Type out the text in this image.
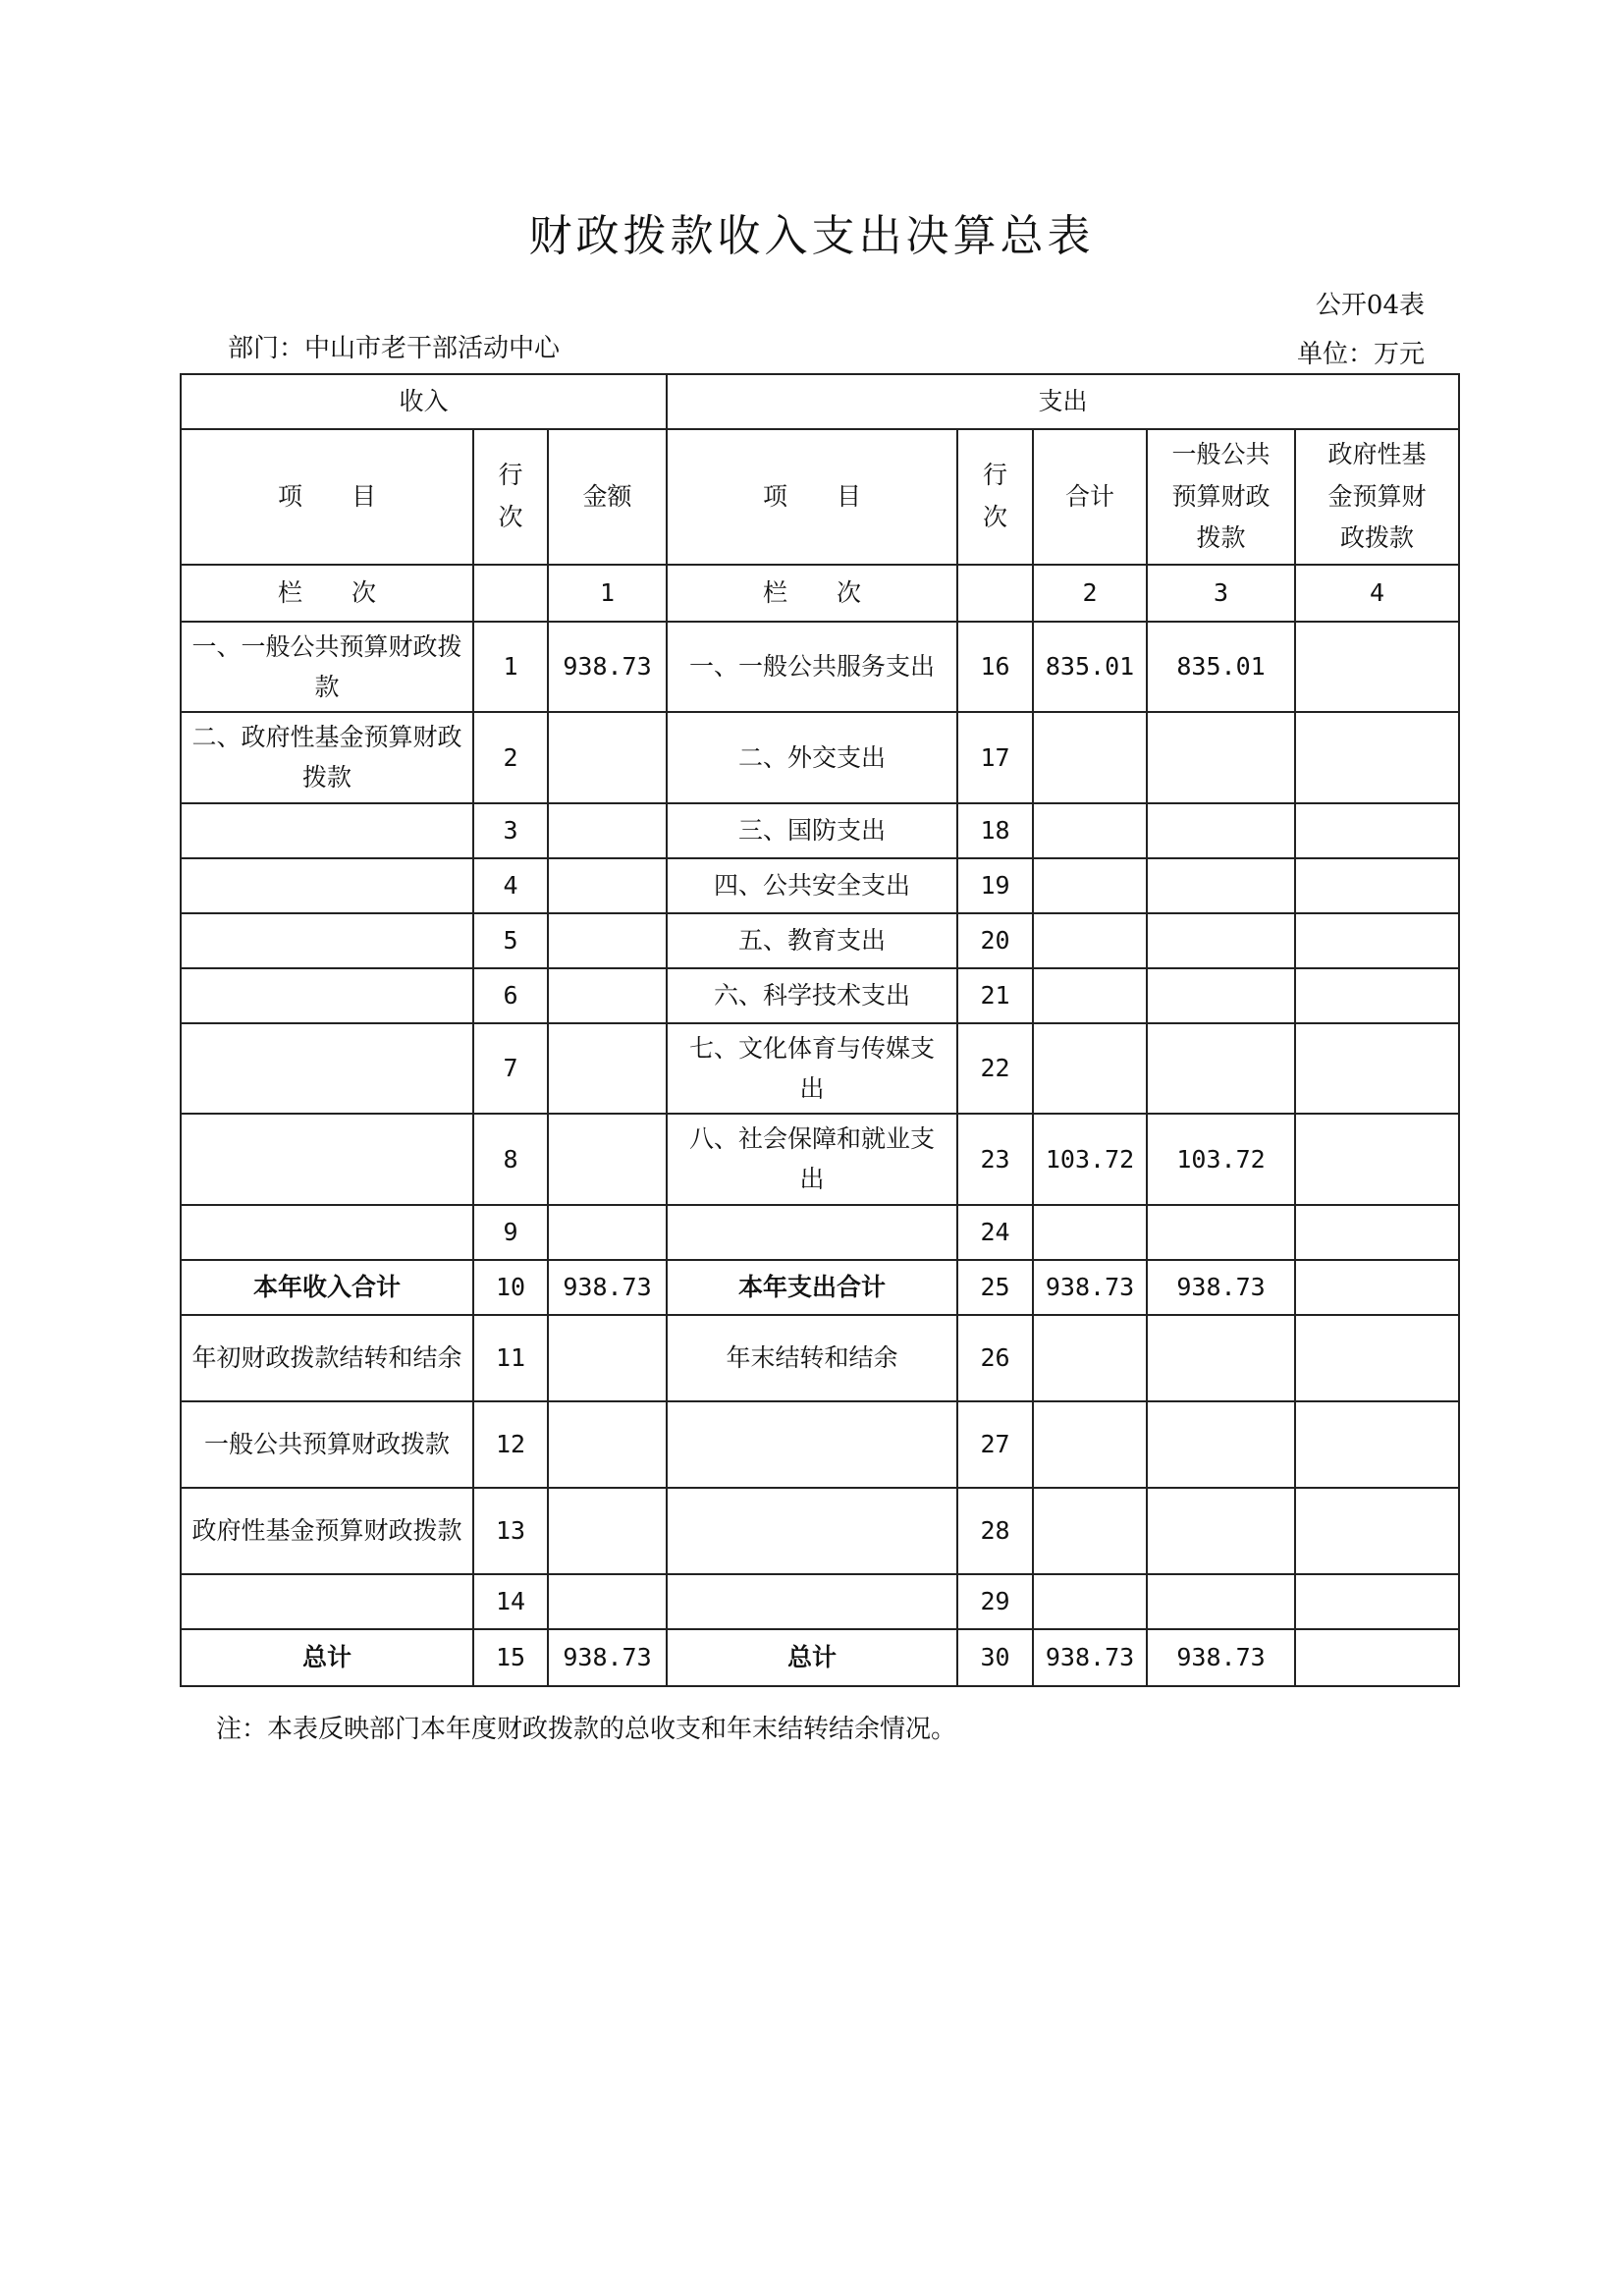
财政拨款收入支出决算总表
公开04表
部门：中山市老干部活动中心	单位：万元
收入			支出				
项　　目	行次	金额	项　　目	行次	合计	一般公共预算财政拨款	政府性基金预算财政拨款
栏　　次		1	栏　　次		2	3	4
一、一般公共预算财政拨款	1	938.73	一、一般公共服务支出	16	835.01	835.01	
二、政府性基金预算财政拨款	2		二、外交支出	17			
	3		三、国防支出	18			
	4		四、公共安全支出	19			
	5		五、教育支出	20			
	6		六、科学技术支出	21			
	7		七、文化体育与传媒支出	22			
	8		八、社会保障和就业支出	23	103.72	103.72	
	9			24			
本年收入合计	10	938.73	本年支出合计	25	938.73	938.73	
年初财政拨款结转和结余	11		年末结转和结余	26			
一般公共预算财政拨款	12			27			
政府性基金预算财政拨款	13			28			
	14			29			
总计	15	938.73	总计	30	938.73	938.73	
注：本表反映部门本年度财政拨款的总收支和年末结转结余情况。
